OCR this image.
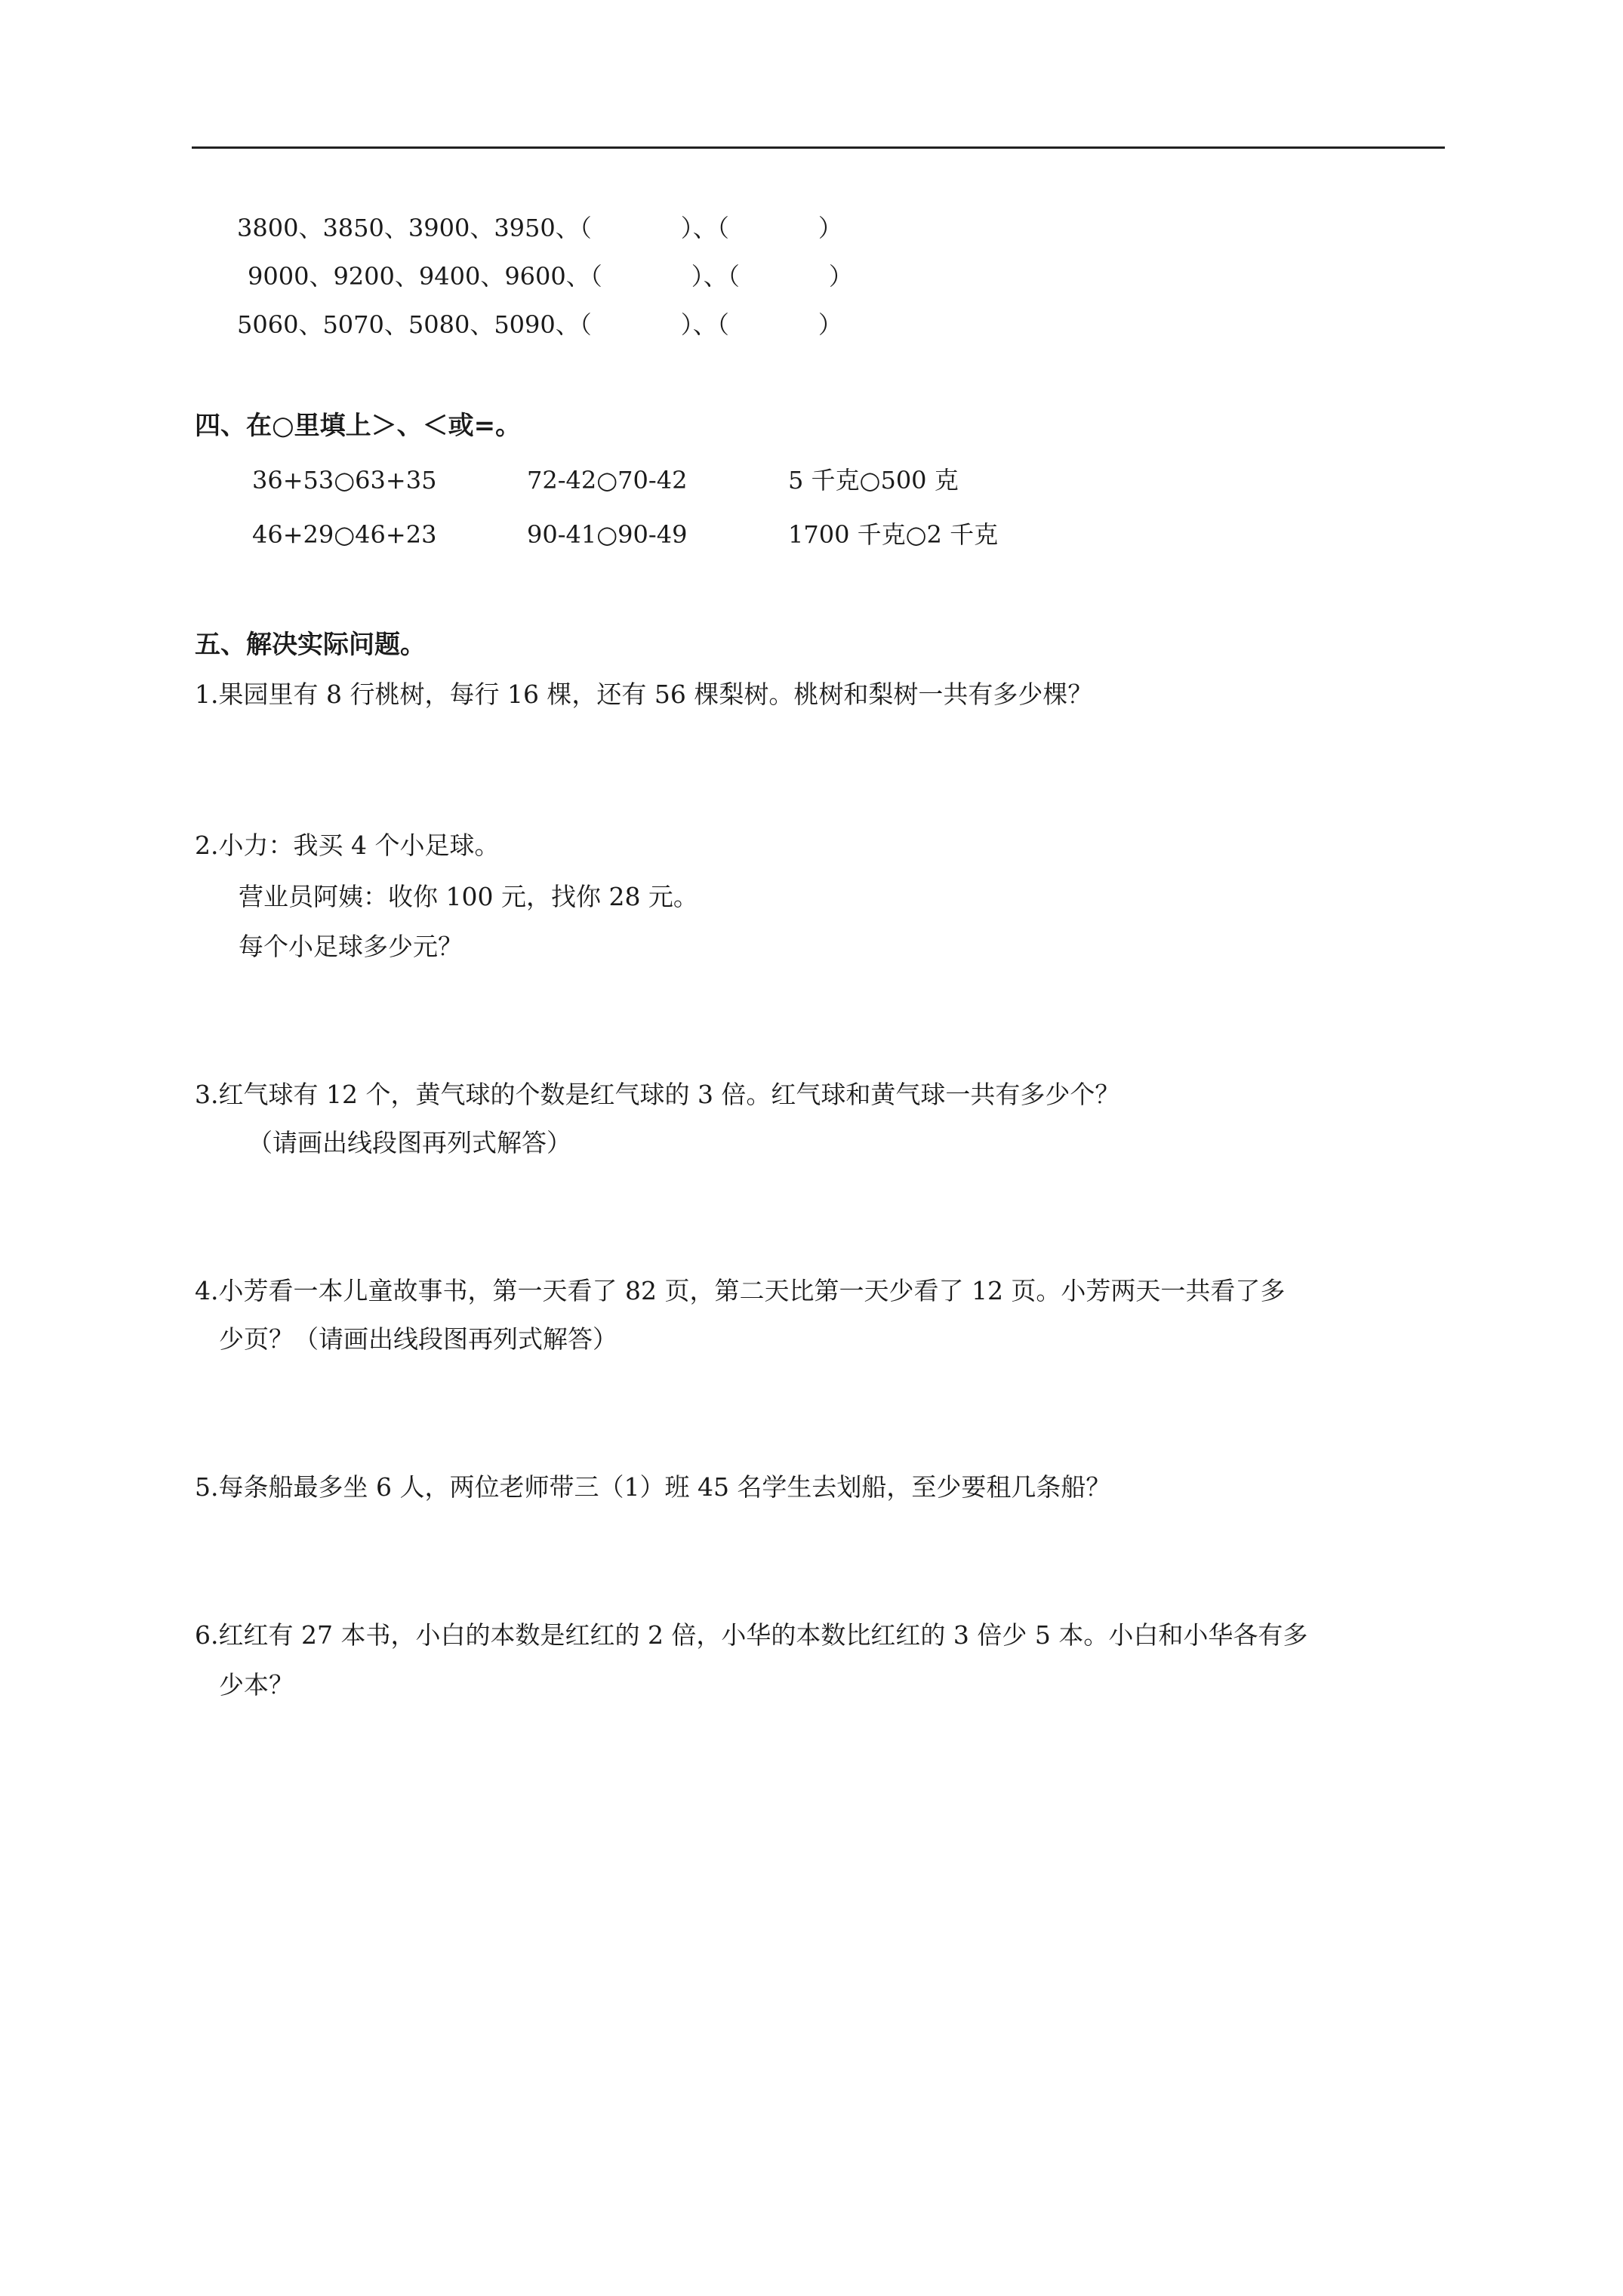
3800、3850、3900、3950、（	）、（	）
9000、9200、9400、9600、（	）、（	）
5060、5070、5080、5090、（	）、（	）
四、在○里填上＞、＜或=。
36+53○63+35	72-42○70-42	5 千克○500 克
46+29○46+23	90-41○90-49	1700 千克○2 千克
五、解决实际问题。
1.果园里有 8 行桃树，每行 16 棵，还有 56 棵梨树。桃树和梨树一共有多少棵？
2.小力：我买 4 个小足球。
营业员阿姨：收你 100 元，找你 28 元。
每个小足球多少元？
3.红气球有 12 个，黄气球的个数是红气球的 3 倍。红气球和黄气球一共有多少个？
（请画出线段图再列式解答）
4.小芳看一本儿童故事书，第一天看了 82 页，第二天比第一天少看了 12 页。小芳两天一共看了多
少页？（请画出线段图再列式解答）
5.每条船最多坐 6 人，两位老师带三（1）班 45 名学生去划船，至少要租几条船？
6.红红有 27 本书，小白的本数是红红的 2 倍，小华的本数比红红的 3 倍少 5 本。小白和小华各有多
少本？
